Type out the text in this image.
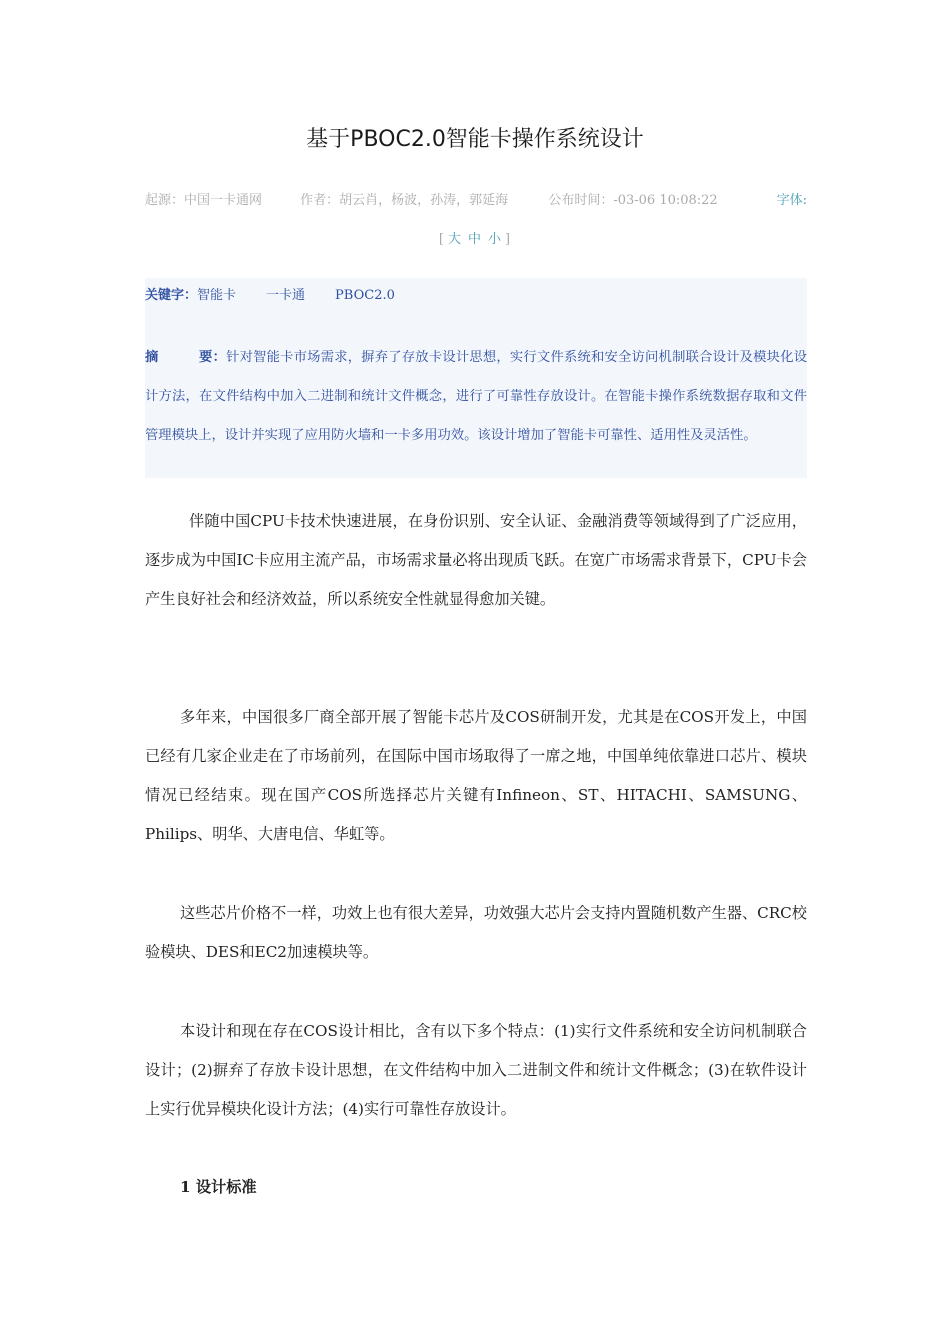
基于PBOC2.0智能卡操作系统设计
起源：中国一卡通网	作者：胡云肖，杨波，孙涛，郭延海	公布时间：-03-06 10:08:22	字体:
[ 大 中 小 ]
关键字：智能卡 一卡通 PBOC2.0
摘　　　要：针对智能卡市场需求，摒弃了存放卡设计思想，实行文件系统和安全访问机制联合设计及模块化设计方法，在文件结构中加入二进制和统计文件概念，进行了可靠性存放设计。在智能卡操作系统数据存取和文件管理模块上，设计并实现了应用防火墙和一卡多用功效。该设计增加了智能卡可靠性、适用性及灵活性。
伴随中国CPU卡技术快速进展，在身份识别、安全认证、金融消费等领域得到了广泛应用，逐步成为中国IC卡应用主流产品，市场需求量必将出现质飞跃。在宽广市场需求背景下，CPU卡会产生良好社会和经济效益，所以系统安全性就显得愈加关键。
多年来，中国很多厂商全部开展了智能卡芯片及COS研制开发，尤其是在COS开发上，中国已经有几家企业走在了市场前列，在国际中国市场取得了一席之地，中国单纯依靠进口芯片、模块情况已经结束。现在国产COS所选择芯片关键有Infineon、ST、HITACHI、SAMSUNG、Philips、明华、大唐电信、华虹等。
这些芯片价格不一样，功效上也有很大差异，功效强大芯片会支持内置随机数产生器、CRC校验模块、DES和EC2加速模块等。
本设计和现在存在COS设计相比，含有以下多个特点：(1)实行文件系统和安全访问机制联合设计；(2)摒弃了存放卡设计思想，在文件结构中加入二进制文件和统计文件概念；(3)在软件设计上实行优异模块化设计方法；(4)实行可靠性存放设计。
1 设计标准
